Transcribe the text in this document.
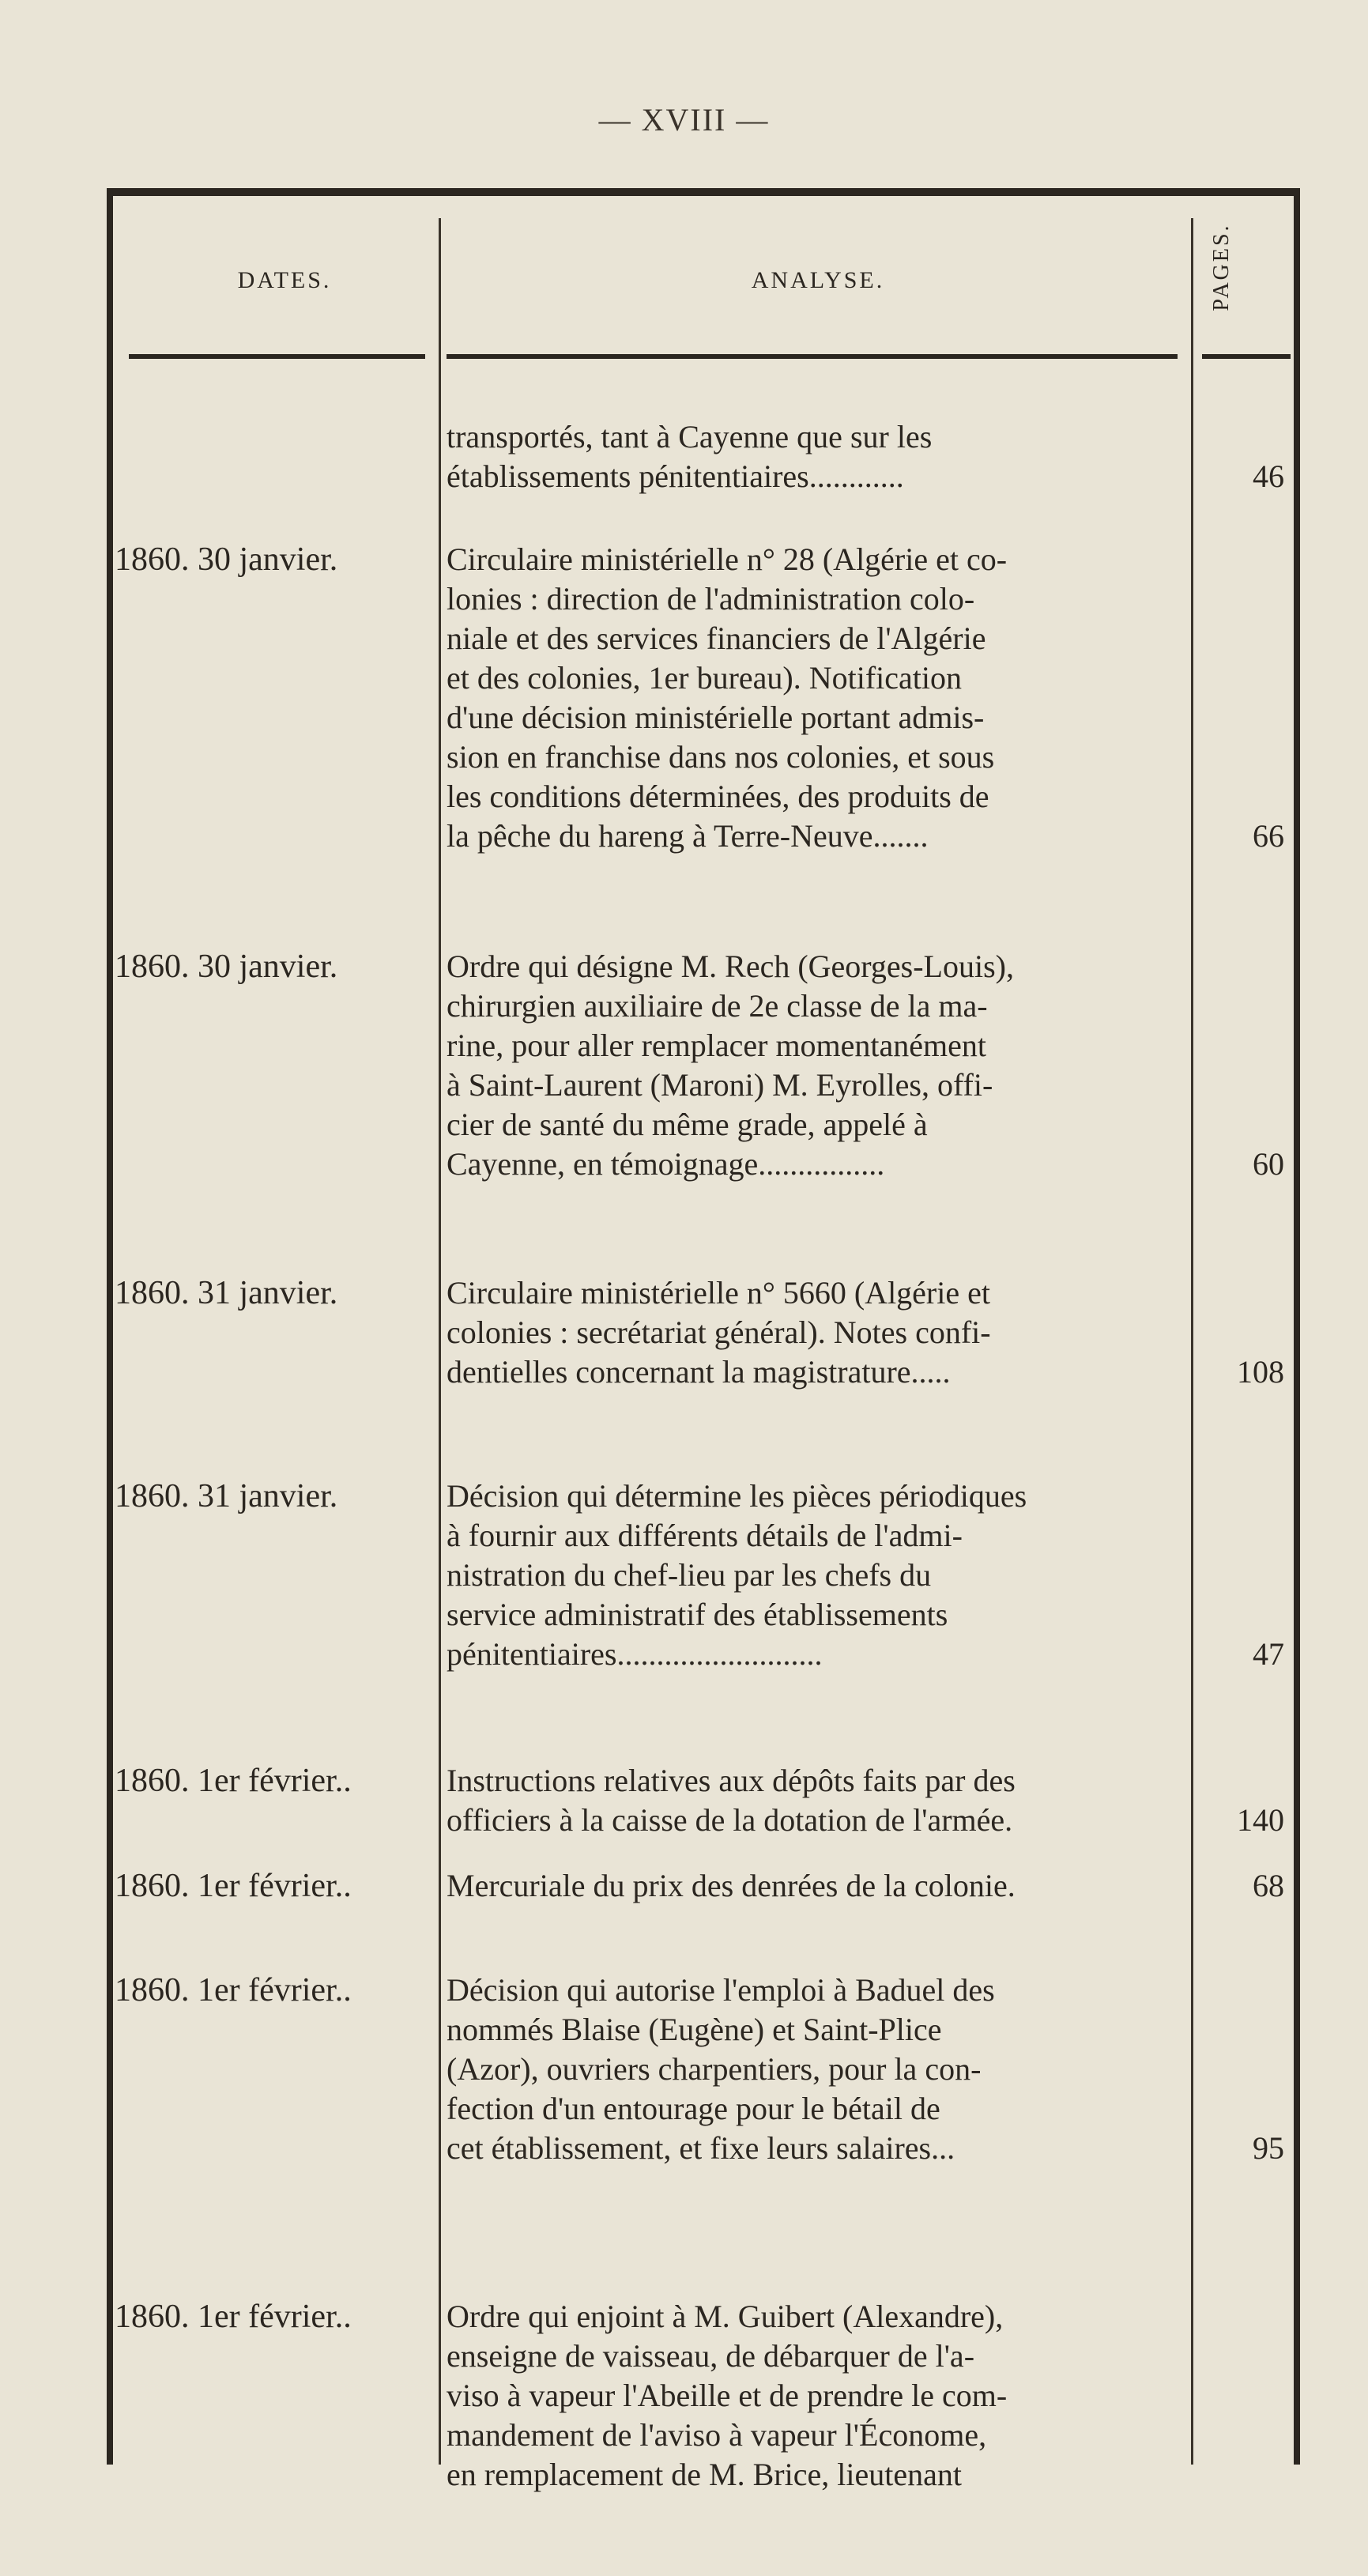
— XVIII —
DATES.	ANALYSE.	PAGES.
transportés, tant à Cayenne que sur les
établissements pénitentiaires............	46
1860. 30 janvier.	Circulaire ministérielle n° 28 (Algérie et co-
lonies : direction de l'administration colo-
niale et des services financiers de l'Algérie
et des colonies, 1er bureau). Notification
d'une décision ministérielle portant admis-
sion en franchise dans nos colonies, et sous
les conditions déterminées, des produits de
la pêche du hareng à Terre-Neuve.......	66
1860. 30 janvier.	Ordre qui désigne M. Rech (Georges-Louis),
chirurgien auxiliaire de 2e classe de la ma-
rine, pour aller remplacer momentanément
à Saint-Laurent (Maroni) M. Eyrolles, offi-
cier de santé du même grade, appelé à
Cayenne, en témoignage................	60
1860. 31 janvier.	Circulaire ministérielle n° 5660 (Algérie et
colonies : secrétariat général). Notes confi-
dentielles concernant la magistrature.....	108
1860. 31 janvier.	Décision qui détermine les pièces périodiques
à fournir aux différents détails de l'admi-
nistration du chef-lieu par les chefs du
service administratif des établissements
pénitentiaires..........................	47
1860. 1er février..	Instructions relatives aux dépôts faits par des
officiers à la caisse de la dotation de l'armée.	140
1860. 1er février..	Mercuriale du prix des denrées de la colonie.	68
1860. 1er février..	Décision qui autorise l'emploi à Baduel des
nommés Blaise (Eugène) et Saint-Plice
(Azor), ouvriers charpentiers, pour la con-
fection d'un entourage pour le bétail de
cet établissement, et fixe leurs salaires...	95
1860. 1er février..	Ordre qui enjoint à M. Guibert (Alexandre),
enseigne de vaisseau, de débarquer de l'a-
viso à vapeur l'Abeille et de prendre le com-
mandement de l'aviso à vapeur l'Économe,
en remplacement de M. Brice, lieutenant
